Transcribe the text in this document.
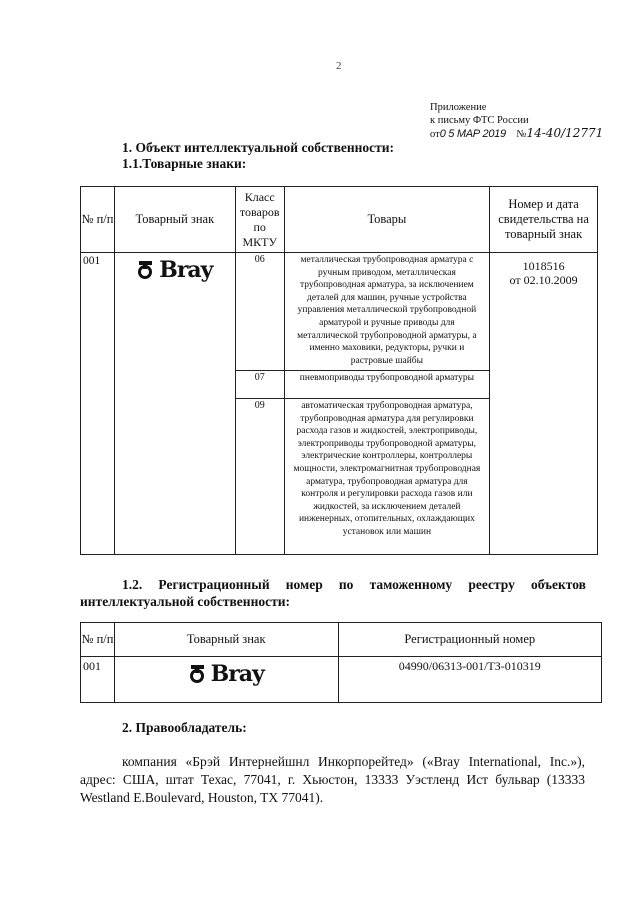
2
Приложение
к письму ФТС России
от0 5 МАР 2019 №14-40/12771
1. Объект интеллектуальной собственности:
1.1.Товарные знаки:
№ п/п	Товарный знак	Класс товаров по МКТУ	Товары	Номер и дата свидетельства на товарный знак
001	Bray	06	металлическая трубопроводная арматура с ручным приводом, металлическая трубопроводная арматура, за исключением деталей для машин, ручные устройства управления металлической трубопроводной арматурой и ручные приводы для металлической трубопроводной арматуры, а именно маховики, редукторы, ручки и растровые шайбы	1018516
от 02.10.2009

		07	пневмоприводы трубопроводной арматуры	
		09	автоматическая трубопроводная арматура, трубопроводная арматура для регулировки расхода газов и жидкостей, электроприводы, электроприводы трубопроводной арматуры, электрические контроллеры, контроллеры мощности, электромагнитная трубопроводная арматура, трубопроводная арматура для контроля и регулировки расхода газов или жидкостей, за исключением деталей инженерных, отопительных, охлаждающих установок или машин	
1.2. Регистрационный номер по таможенному реестру объектов
интеллектуальной собственности:
№ п/п	Товарный знак	Регистрационный номер
001	Bray	04990/06313-001/ТЗ-010319
2. Правообладатель:
компания «Брэй Интернейшнл Инкорпорейтед» («Bray International, Inc.»), адрес: США, штат Техас, 77041, г. Хьюстон, 13333 Уэстленд Ист бульвар (13333 Westland E.Boulevard, Houston, TX 77041).
